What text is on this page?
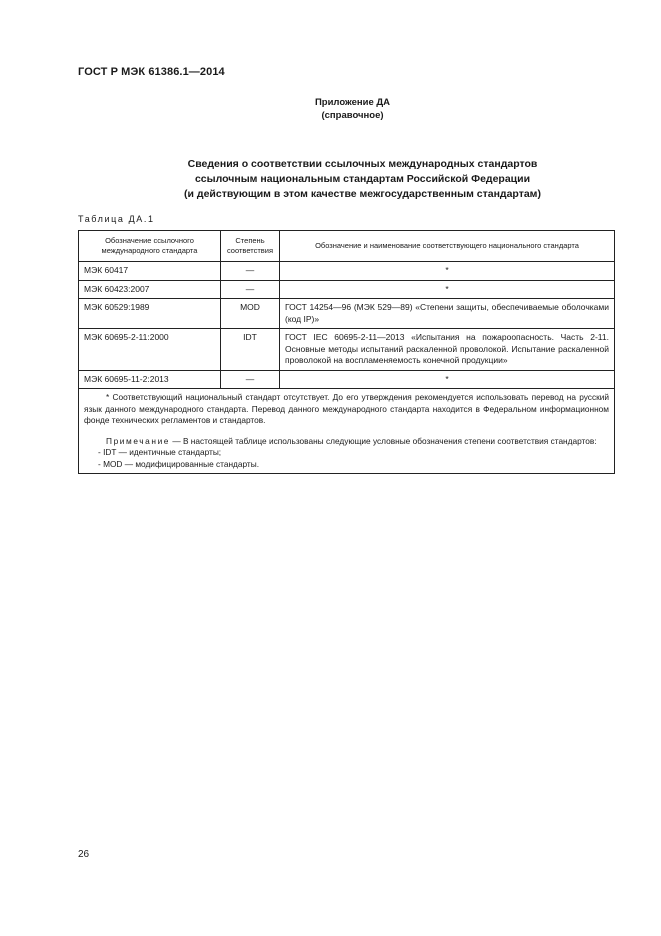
ГОСТ Р МЭК 61386.1—2014
Приложение ДА
(справочное)
Сведения о соответствии ссылочных международных стандартов
ссылочным национальным стандартам Российской Федерации
(и действующим в этом качестве межгосударственным стандартам)
Таблица ДА.1
Обозначение ссылочного международного стандарта	Степень соответствия	Обозначение и наименование соответствующего национального стандарта
МЭК 60417	—	*
МЭК 60423:2007	—	*
МЭК 60529:1989	MOD	ГОСТ 14254—96 (МЭК 529—89) «Степени защиты, обеспечиваемые оболочками (код IP)»
МЭК 60695-2-11:2000	IDT	ГОСТ IEC 60695-2-11—2013 «Испытания на пожароопасность. Часть 2-11. Основные методы испытаний раскаленной проволокой. Испытание раскаленной проволокой на воспламеняемость конечной продукции»
МЭК 60695-11-2:2013	—	*

* Соответствующий национальный стандарт отсутствует. До его утверждения рекомендуется использовать перевод на русский язык данного международного стандарта. Перевод данного международного стандарта находится в Федеральном информационном фонде технических регламентов и стандартов.

Примечание — В настоящей таблице использованы следующие условные обозначения степени соответствия стандартов:

- IDT — идентичные стандарты;

- MOD — модифицированные стандарты.		

26
